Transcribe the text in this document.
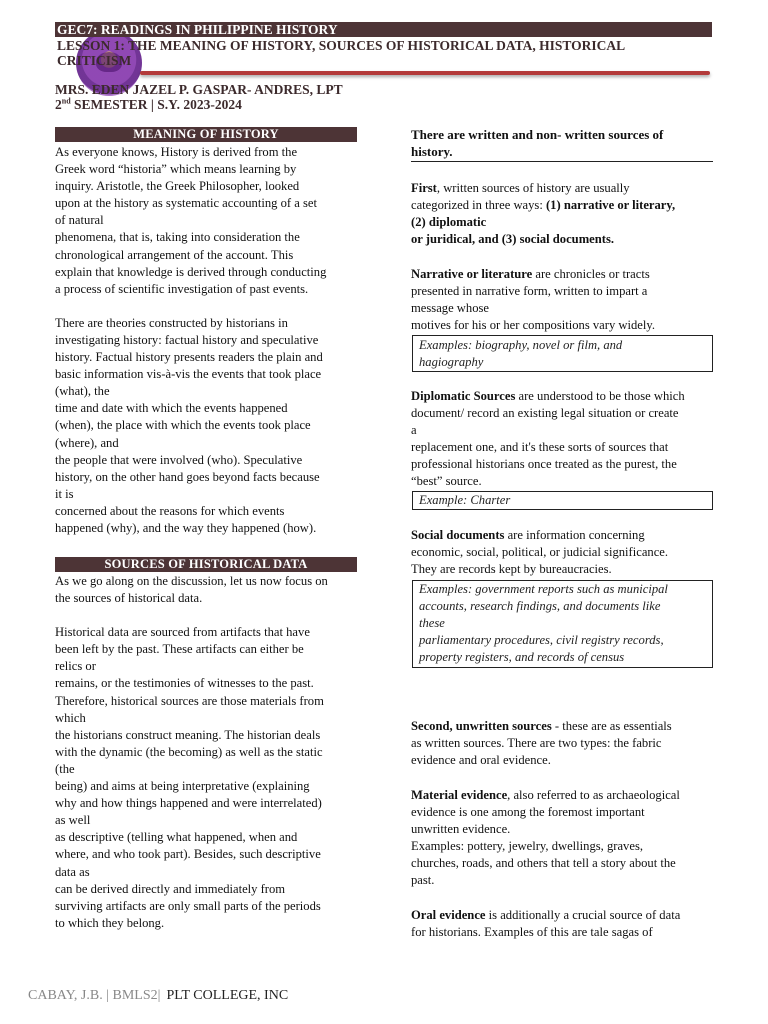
GEC7: READINGS IN PHILIPPINE HISTORY
LESSON 1: THE MEANING OF HISTORY, SOURCES OF HISTORICAL DATA, HISTORICAL
CRITICISM
MRS. EDEN JAZEL P. GASPAR- ANDRES, LPT
2nd SEMESTER | S.Y. 2023-2024
MEANING OF HISTORY

As everyone knows, History is derived from the

Greek word “historia” which means learning by

inquiry. Aristotle, the Greek Philosopher, looked

upon at the history as systematic accounting of a set

of natural

phenomena, that is, taking into consideration the

chronological arrangement of the account. This

explain that knowledge is derived through conducting

a process of scientific investigation of past events.

There are theories constructed by historians in

investigating history: factual history and speculative

history. Factual history presents readers the plain and

basic information vis-à-vis the events that took place

(what), the

time and date with which the events happened

(when), the place with which the events took place

(where), and

the people that were involved (who). Speculative

history, on the other hand goes beyond facts because

it is

concerned about the reasons for which events

happened (why), and the way they happened (how).

SOURCES OF HISTORICAL DATA

As we go along on the discussion, let us now focus on

the sources of historical data.

Historical data are sourced from artifacts that have

been left by the past. These artifacts can either be

relics or

remains, or the testimonies of witnesses to the past.

Therefore, historical sources are those materials from

which

the historians construct meaning. The historian deals

with the dynamic (the becoming) as well as the static

(the

being) and aims at being interpretative (explaining

why and how things happened and were interrelated)

as well

as descriptive (telling what happened, when and

where, and who took part). Besides, such descriptive

data as

can be derived directly and immediately from

surviving artifacts are only small parts of the periods

to which they belong.

There are written and non- written sources of
history.

First, written sources of history are usually

categorized in three ways: (1) narrative or literary,

(2) diplomatic

or juridical, and (3) social documents.

Narrative or literature are chronicles or tracts

presented in narrative form, written to impart a

message whose

motives for his or her compositions vary widely.

Examples: biography, novel or film, and
hagiography

Diplomatic Sources are understood to be those which

document/ record an existing legal situation or create

a

replacement one, and it's these sorts of sources that

professional historians once treated as the purest, the

“best” source.

Example: Charter

Social documents are information concerning

economic, social, political, or judicial significance.

They are records kept by bureaucracies.

Examples: government reports such as municipal
accounts, research findings, and documents like
these
parliamentary procedures, civil registry records,
property registers, and records of census

Second, unwritten sources - these are as essentials

as written sources. There are two types: the fabric

evidence and oral evidence.

Material evidence, also referred to as archaeological

evidence is one among the foremost important

unwritten evidence.

Examples: pottery, jewelry, dwellings, graves,

churches, roads, and others that tell a story about the

past.

Oral evidence is additionally a crucial source of data

for historians. Examples of this are tale sagas of

CABAY, J.B. | BMLS2| PLT COLLEGE, INC
